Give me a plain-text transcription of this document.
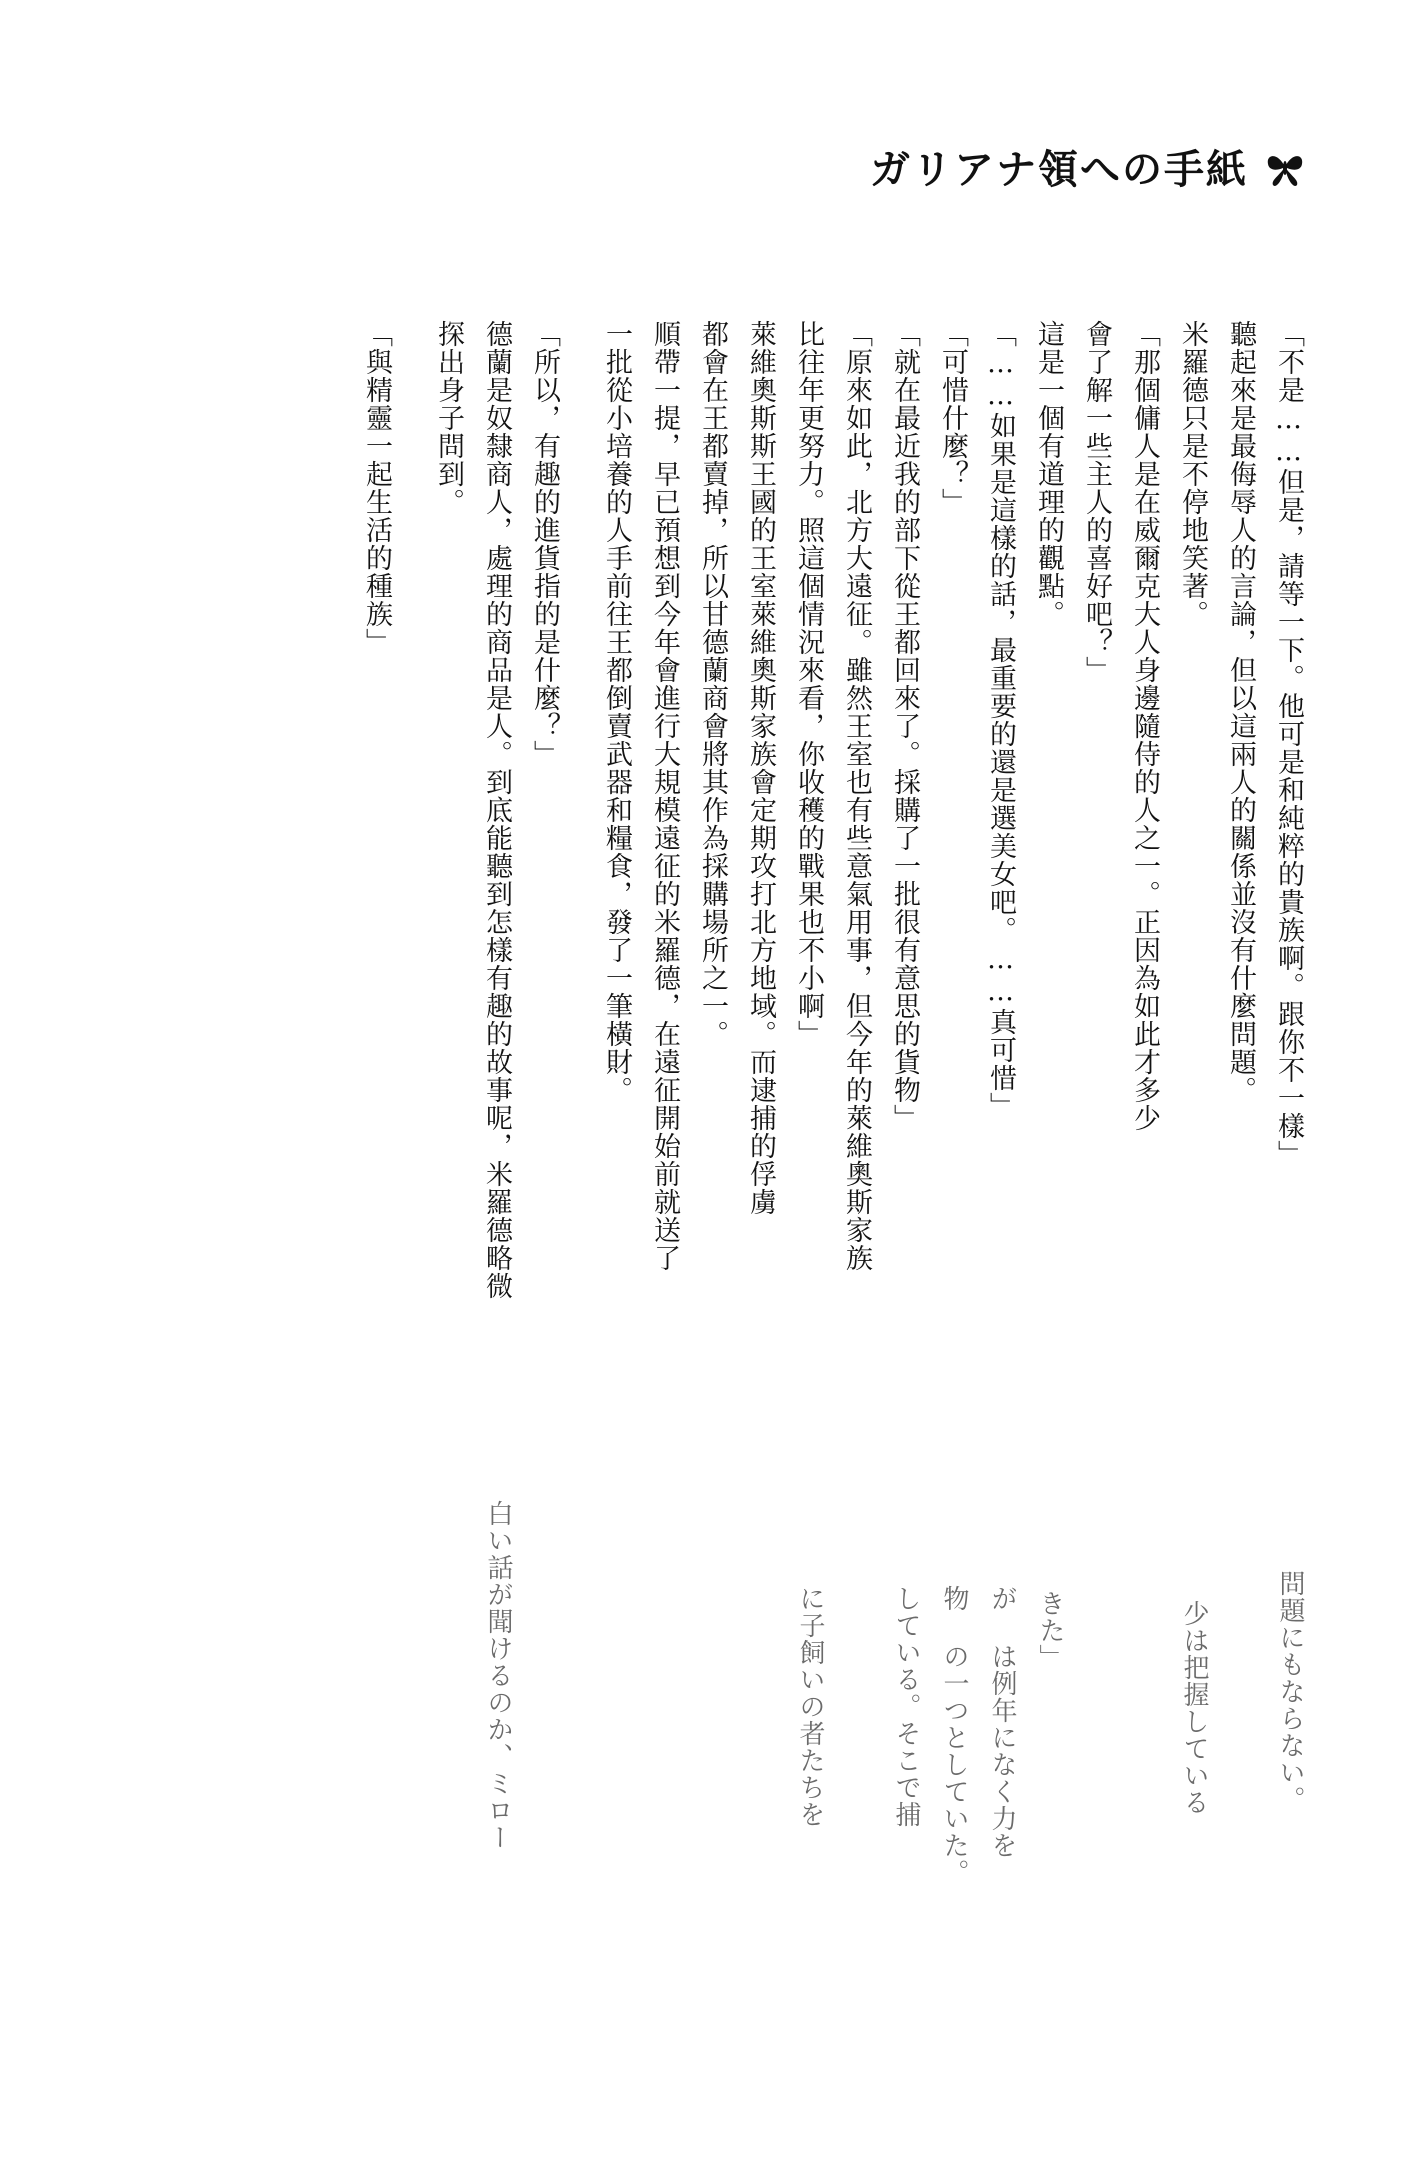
ガリアナ領への手紙
「不是……但是，請等一下。他可是和純粹的貴族啊。跟你不一樣」
聽起來是最侮辱人的言論，但以這兩人的關係並沒有什麼問題。
米羅德只是不停地笑著。
「那個傭人是在威爾克大人身邊隨侍的人之一。正因為如此才多少
會了解一些主人的喜好吧？」
這是一個有道理的觀點。
「……如果是這樣的話，最重要的還是選美女吧。……真可惜」
「可惜什麼？」
「就在最近我的部下從王都回來了。採購了一批很有意思的貨物」
「原來如此，北方大遠征。雖然王室也有些意氣用事，但今年的萊維奧斯家族
比往年更努力。照這個情況來看，你收穫的戰果也不小啊」
萊維奧斯斯王國的王室萊維奧斯家族會定期攻打北方地域。而逮捕的俘虜
都會在王都賣掉，所以甘德蘭商會將其作為採購場所之一。
順帶一提，早已預想到今年會進行大規模遠征的米羅德，在遠征開始前就送了
一批從小培養的人手前往王都倒賣武器和糧食，發了一筆橫財。
「所以，有趣的進貨指的是什麼？」
德蘭是奴隸商人，處理的商品是人。到底能聽到怎樣有趣的故事呢，米羅德略微
探出身子問到。
「與精靈一起生活的種族」
問題にもならない。
少は把握している
きた」
が は例年になく力を
物 の一つとしていた。
している。そこで捕
に子飼いの者たちを
白い話が聞けるのか、ミロー
